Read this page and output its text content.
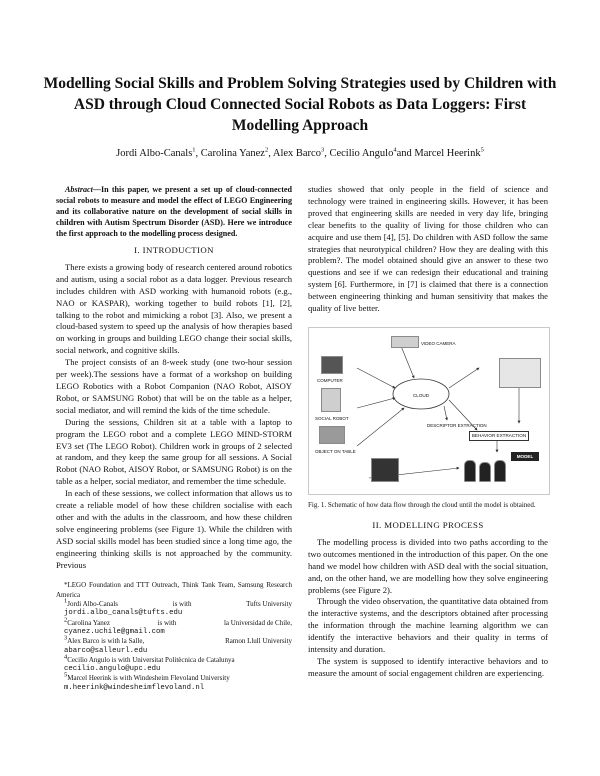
Modelling Social Skills and Problem Solving Strategies used by Children with ASD through Cloud Connected Social Robots as Data Loggers: First Modelling Approach
Jordi Albo-Canals$^1$, Carolina Yanez$^2$, Alex Barco$^3$, Cecilio Angulo$^4$and Marcel Heerink$^5$

Abstract—In this paper, we present a set up of cloud-connected social robots to measure and model the effect of LEGO Engineering and its collaborative nature on the development of social skills in children with Autism Spectrum Disorder (ASD). Here we introduce the first approach to the modelling process designed.

I. INTRODUCTION

There exists a growing body of research centered around robotics and autism, using a social robot as a data logger. Previous research includes children with ASD working with humanoid robots (e.g., NAO or KASPAR), working together to build robots [1], [2], talking to the robot and mimicking a robot [3]. Also, we present a cloud-based system to speed up the analysis of how therapies based on working in groups and building LEGO change their social skills, social network, and cognitive skills.

The project consists of an 8-week study (one two-hour session per week).The sessions have a format of a workshop on building LEGO Robotics with a Robot Companion (NAO Robot, AISOY Robot, or SAMSUNG Robot) that will be on the table as a helper, social mediator, and will remind the kids of the time schedule.

During the sessions, Children sit at a table with a laptop to program the LEGO robot and a complete LEGO MIND-STORM EV3 set (The LEGO Robot). Children work in groups of 2 selected at random, and they keep the same group for all sessions. A Social Robot (NAO Robot, AISOY Robot, or SAMSUNG Robot) is on the table as a helper, social mediator, and remember the time schedule.

In each of these sessions, we collect information that allows us to create a reliable model of how these children socialise with each other and with the adults in the classroom, and how these children solve engineering problems (see Figure 1). While the children with ASD social skills model has been studied since a long time ago, the engineering thinking skills is not approached by the community. Previous

*LEGO Foundation and TTT Outreach, Think Tank Team, Samsung Research America
$^1$Jordi Albo-Canals	is with	Tufts University
jordi.albo_canals@tufts.edu
$^2$Carolina Yanez	is with	la Universidad de Chile,
cyanez.uchile@gmail.com
$^3$Alex Barco is with la Salle,	Ramon Llull University
abarco@salleurl.edu
$^4$Cecilio Angulo is with Universitat Politècnica de Catalunya
cecilio.angulo@upc.edu
$^5$Marcel Heerink is with Windesheim Flevoland University
m.heerink@windesheimflevoland.nl

studies showed that only people in the field of science and technology were trained in engineering skills. However, it has been proved that engineering skills are needed in very day life, bringing clear benefits to the quality of living for those children who can acquire and use them [4], [5]. Do children with ASD follow the same strategies that neurotypical children? How they are dealing with this problem?. The model obtained should give an answer to these two questions and see if we can redesign their educational and training system [6]. Furthermore, in [7] is claimed that there is a connection between engineering thinking and human sensitivity that makes the quality of live better.

CLOUD
VIDEO CAMERA
COMPUTER
SOCIAL ROBOT
OBJECT ON TABLE
DESCRIPTOR EXTRACTION
BEHAVIOR EXTRACTION
MODEL
Fig. 1. Schematic of how data flow through the cloud until the model is obtained.
II. MODELLING PROCESS

The modelling process is divided into two paths according to the two outcomes mentioned in the introduction of this paper. On the one hand we model how children with ASD deal with the social situation, and, on the other hand, we are modelling how they solve engineering problems (see Figure 2).

Through the video observation, the quantitative data obtained from the interactive systems, and the descriptors obtained after processing the information through the machine learning algorithm we can identify the interactive behaviors and their quality in terms of intensity and duration.

The system is supposed to identify interactive behaviors and to measure the amount of social engagement children are experiencing.
